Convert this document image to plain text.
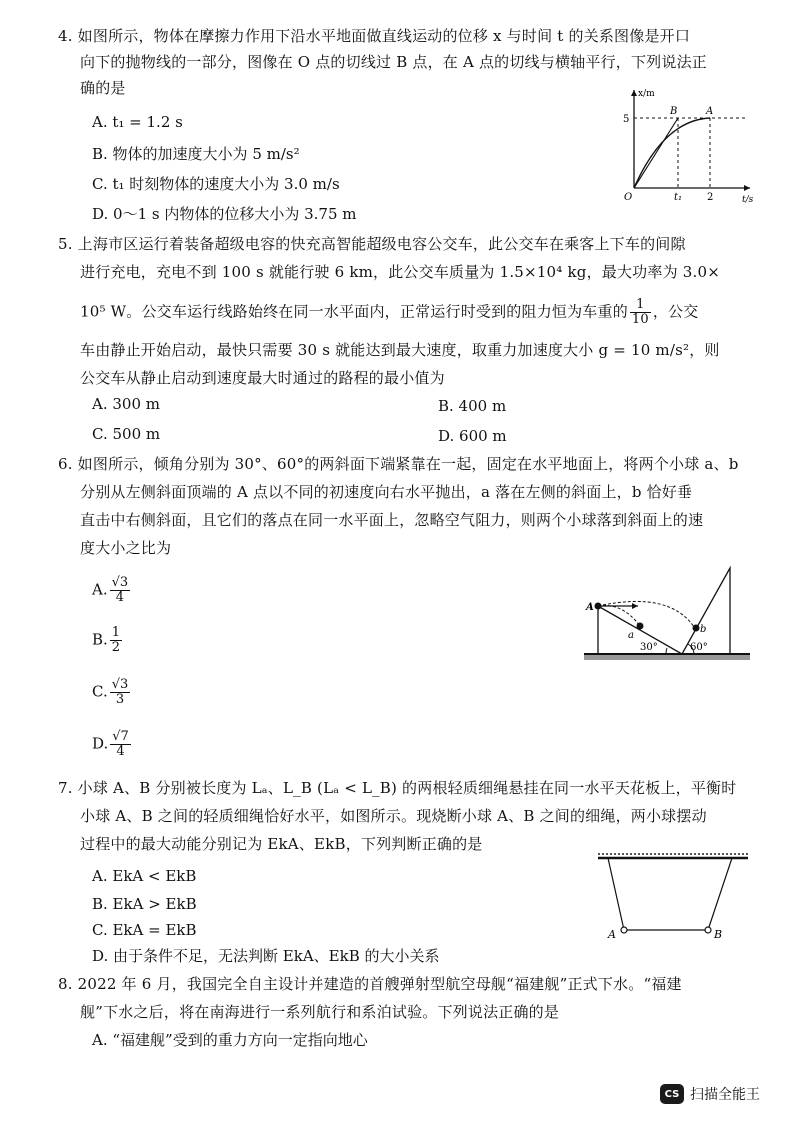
4. 如图所示，物体在摩擦力作用下沿水平地面做直线运动的位移 x 与时间 t 的关系图像是开口
向下的抛物线的一部分，图像在 O 点的切线过 B 点，在 A 点的切线与横轴平行，下列说法正
确的是
A. t₁ = 1.2 s
B. 物体的加速度大小为 5 m/s²
C. t₁ 时刻物体的速度大小为 3.0 m/s
D. 0～1 s 内物体的位移大小为 3.75 m
x/m
t/s
5
O	t₁ 2
B	A
5. 上海市区运行着装备超级电容的快充高智能超级电容公交车，此公交车在乘客上下车的间隙
进行充电，充电不到 100 s 就能行驶 6 km，此公交车质量为 1.5×10⁴ kg，最大功率为 3.0×
10⁵ W。公交车运行线路始终在同一水平面内，正常运行时受到的阻力恒为车重的 $\frac{1}{10}$ ，公交
车由静止开始启动，最快只需要 30 s 就能达到最大速度，取重力加速度大小 g = 10 m/s²，则
公交车从静止启动到速度最大时通过的路程的最小值为
A. 300 m	B. 400 m
C. 500 m	D. 600 m
6. 如图所示，倾角分别为 30°、60°的两斜面下端紧靠在一起，固定在水平地面上，将两个小球 a、b
分别从左侧斜面顶端的 A 点以不同的初速度向右水平抛出，a 落在左侧的斜面上，b 恰好垂
直击中右侧斜面，且它们的落点在同一水平面上，忽略空气阻力，则两个小球落到斜面上的速
度大小之比为
A. $\frac{√3}{4}$
B. $\frac{1}{2}$
C. $\frac{√3}{3}$
D. $\frac{√7}{4}$
A
a
b
30°	60°
7. 小球 A、B 分别被长度为 Lₐ、L_B (Lₐ < L_B) 的两根轻质细绳悬挂在同一水平天花板上，平衡时
小球 A、B 之间的轻质细绳恰好水平，如图所示。现烧断小球 A、B 之间的细绳，两小球摆动
过程中的最大动能分别记为 EkA、EkB，下列判断正确的是
A. EkA < EkB
B. EkA > EkB
C. EkA = EkB
D. 由于条件不足，无法判断 EkA、EkB 的大小关系
A	B
8. 2022 年 6 月，我国完全自主设计并建造的首艘弹射型航空母舰“福建舰”正式下水。“福建
舰”下水之后，将在南海进行一系列航行和系泊试验。下列说法正确的是
A. “福建舰”受到的重力方向一定指向地心
CS 扫描全能王
